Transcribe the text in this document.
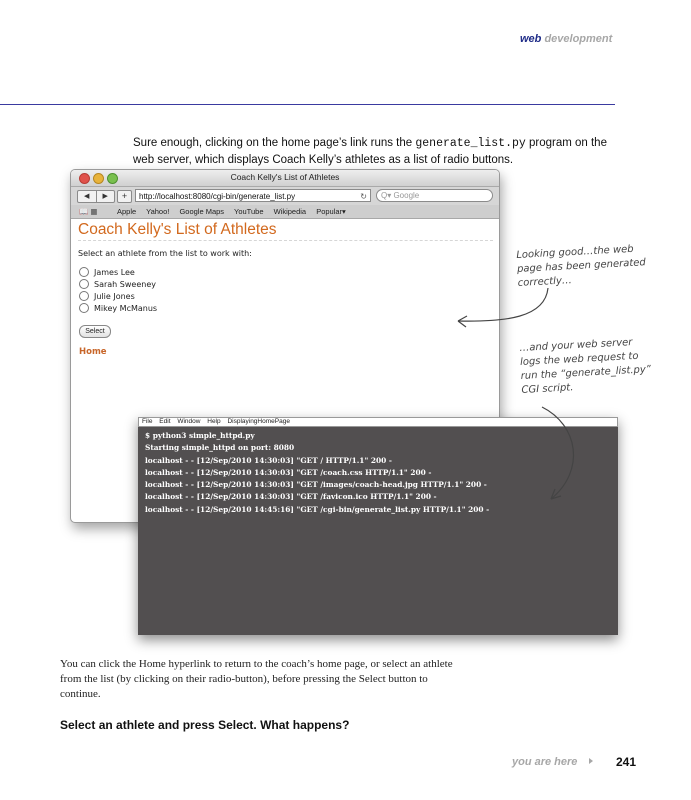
web development
Sure enough, clicking on the home page’s link runs the generate_list.py program on the web server, which displays Coach Kelly’s athletes as a list of radio buttons.
Coach Kelly's List of Athletes
◀	▶	+	http://localhost:8080/cgi-bin/generate_list.py	↻	Q▾ Google
📖 ▦	Apple Yahoo! Google Maps YouTube Wikipedia Popular▾
Coach Kelly's List of Athletes
Select an athlete from the list to work with:
James Lee
Sarah Sweeney
Julie Jones
Mikey McManus
Select
Home
File Edit Window Help DisplayingHomePage
$ python3 simple_httpd.py
Starting simple_httpd on port: 8080
localhost - - [12/Sep/2010 14:30:03] "GET / HTTP/1.1" 200 -
localhost - - [12/Sep/2010 14:30:03] "GET /coach.css HTTP/1.1" 200 -
localhost - - [12/Sep/2010 14:30:03] "GET /images/coach-head.jpg HTTP/1.1" 200 -
localhost - - [12/Sep/2010 14:30:03] "GET /favicon.ico HTTP/1.1" 200 -
localhost - - [12/Sep/2010 14:45:16] "GET /cgi-bin/generate_list.py HTTP/1.1" 200 -
Looking good…the web page has been generated correctly…
…and your web server logs the web request to run the “generate_list.py” CGI script.
You can click the Home hyperlink to return to the coach’s home page, or select an athlete from the list (by clicking on their radio-button), before pressing the Select button to continue.
Select an athlete and press Select. What happens?
you are here	241
